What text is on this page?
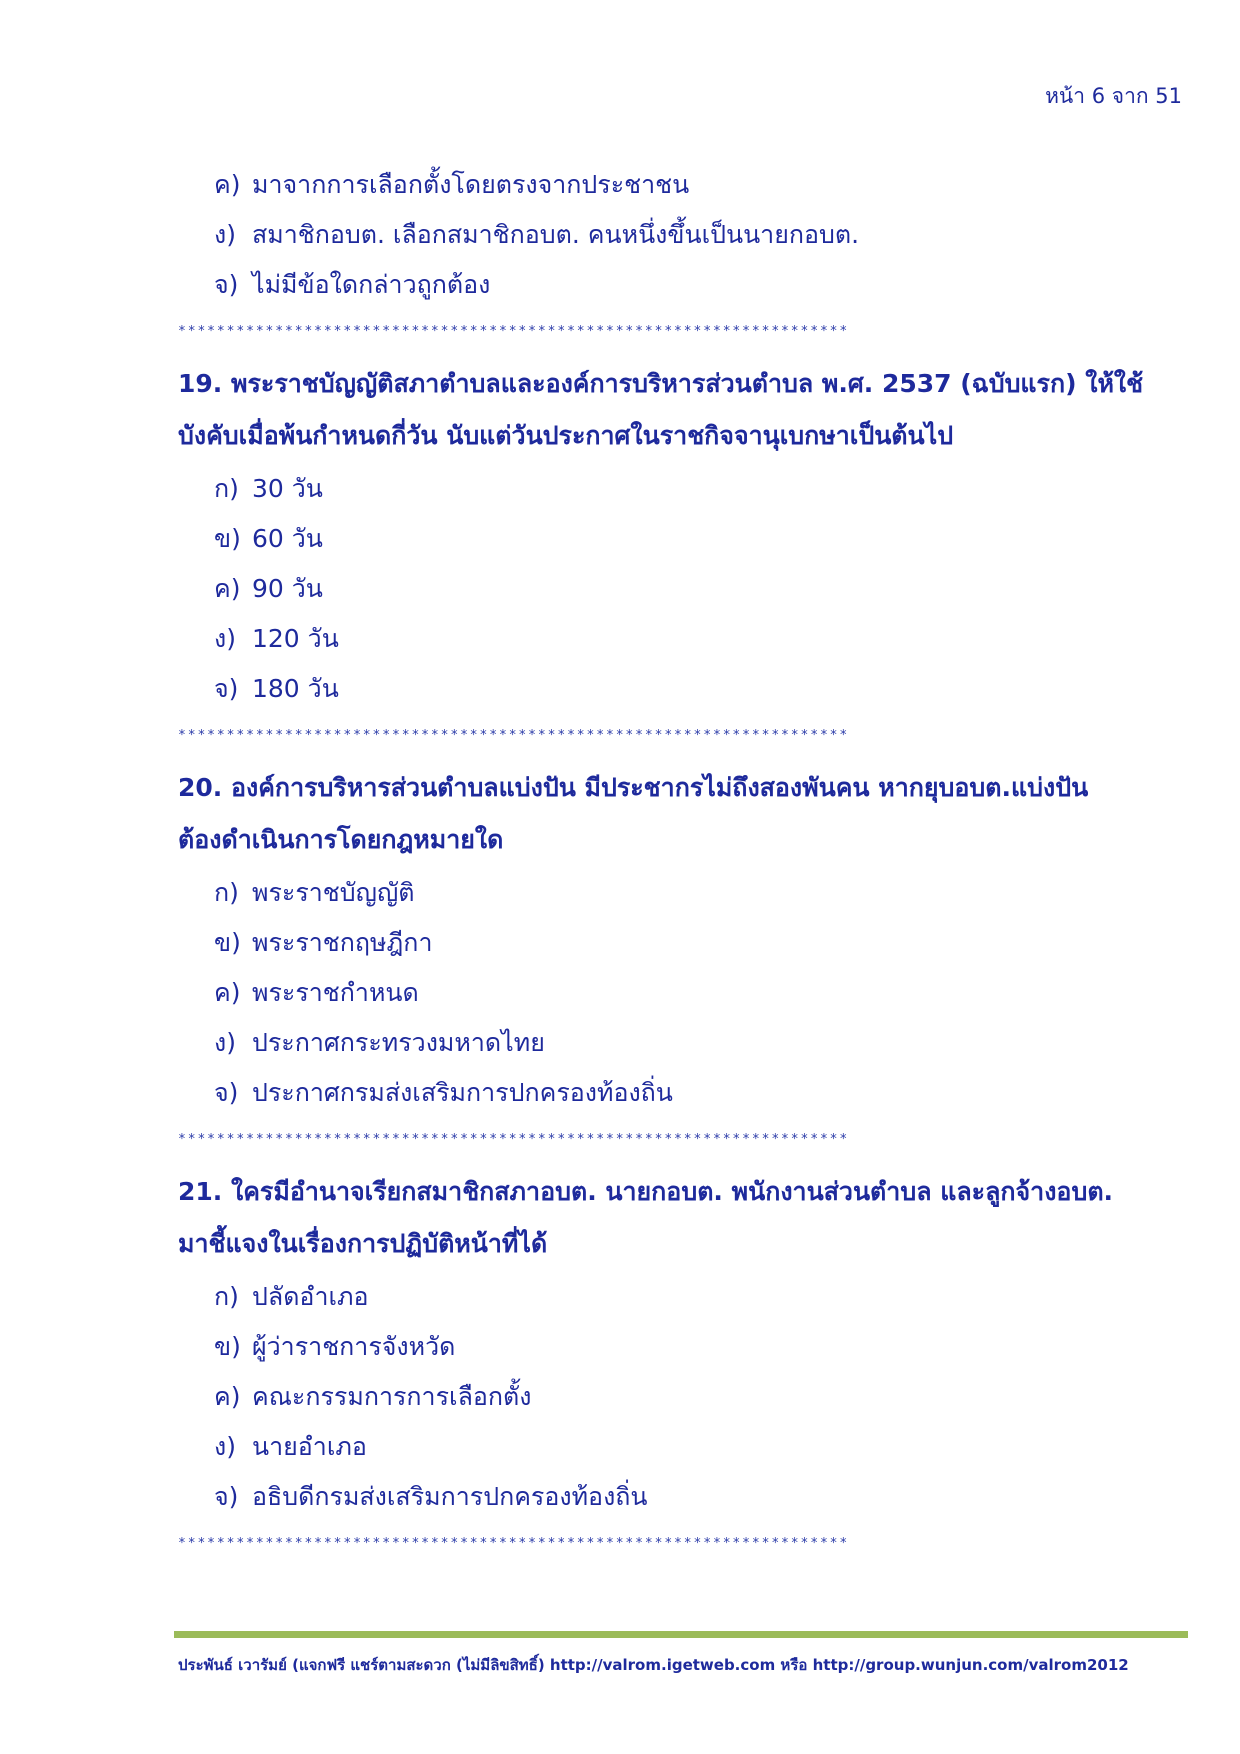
หน้า 6 จาก 51
ค) มาจากการเลือกตั้งโดยตรงจากประชาชน
ง) สมาชิกอบต. เลือกสมาชิกอบต. คนหนึ่งขึ้นเป็นนายกอบต.
จ) ไม่มีข้อใดกล่าวถูกต้อง
*********************************************************************
19. พระราชบัญญัติสภาตำบลและองค์การบริหารส่วนตำบล พ.ศ. 2537 (ฉบับแรก) ให้ใช้
บังคับเมื่อพ้นกำหนดกี่วัน นับแต่วันประกาศในราชกิจจานุเบกษาเป็นต้นไป
ก) 30 วัน
ข) 60 วัน
ค) 90 วัน
ง) 120 วัน
จ) 180 วัน
*********************************************************************
20. องค์การบริหารส่วนตำบลแบ่งปัน มีประชากรไม่ถึงสองพันคน หากยุบอบต.แบ่งปัน
ต้องดำเนินการโดยกฎหมายใด
ก) พระราชบัญญัติ
ข) พระราชกฤษฎีกา
ค) พระราชกำหนด
ง) ประกาศกระทรวงมหาดไทย
จ) ประกาศกรมส่งเสริมการปกครองท้องถิ่น
*********************************************************************
21. ใครมีอำนาจเรียกสมาชิกสภาอบต. นายกอบต. พนักงานส่วนตำบล และลูกจ้างอบต.
มาชี้แจงในเรื่องการปฏิบัติหน้าที่ได้
ก) ปลัดอำเภอ
ข) ผู้ว่าราชการจังหวัด
ค) คณะกรรมการการเลือกตั้ง
ง) นายอำเภอ
จ) อธิบดีกรมส่งเสริมการปกครองท้องถิ่น
*********************************************************************
ประพันธ์ เวารัมย์ (แจกฟรี แชร์ตามสะดวก (ไม่มีลิขสิทธิ์) http://valrom.igetweb.com หรือ http://group.wunjun.com/valrom2012
